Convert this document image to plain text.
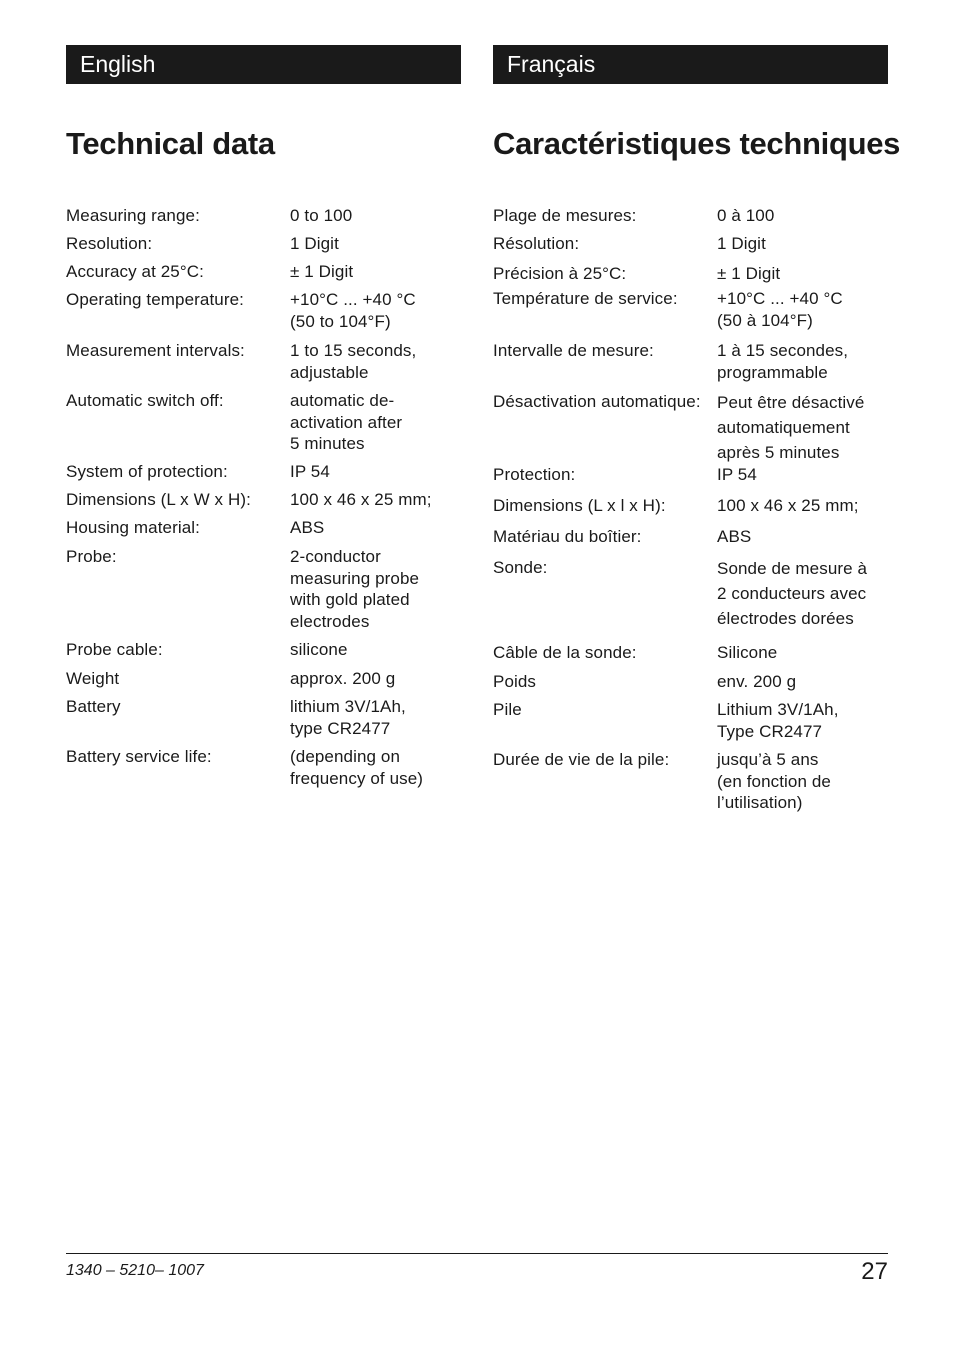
English	Français
Technical data	Caractéristiques techniques
Measuring range:	0 to 100
Resolution:	1 Digit
Accuracy at 25°C:	± 1 Digit
Operating temperature:	+10°C ... +40 °C
(50 to 104°F)
Measurement intervals:	1 to 15 seconds,
adjustable
Automatic switch off:	automatic de-
activation after
5 minutes
System of protection:	IP 54
Dimensions (L x W x H): 100 x 46 x 25 mm;
Housing material:	ABS
Probe:	2-conductor
measuring probe
with gold plated
electrodes
Probe cable:	silicone
Weight	approx. 200 g
Battery	lithium 3V/1Ah,
type CR2477
Battery service life:	(depending on
frequency of use)
Plage de mesures:	0 à 100
Résolution:	1 Digit
Précision à 25°C:	± 1 Digit
Température de service: +10°C ... +40 °C
(50 à 104°F)
Intervalle de mesure:	1 à 15 secondes,
programmable
Désactivation automatique: Peut être désactivé
automatiquement
après 5 minutes
Protection:	IP 54
Dimensions (L x l x H):	100 x 46 x 25 mm;
Matériau du boîtier:	ABS
Sonde:	Sonde de mesure à
2 conducteurs avec
électrodes dorées
Câble de la sonde:	Silicone
Poids	env. 200 g
Pile	Lithium 3V/1Ah,
Type CR2477
Durée de vie de la pile:	jusqu’à 5 ans
(en fonction de
l’utilisation)
1340 – 5210– 1007	27
